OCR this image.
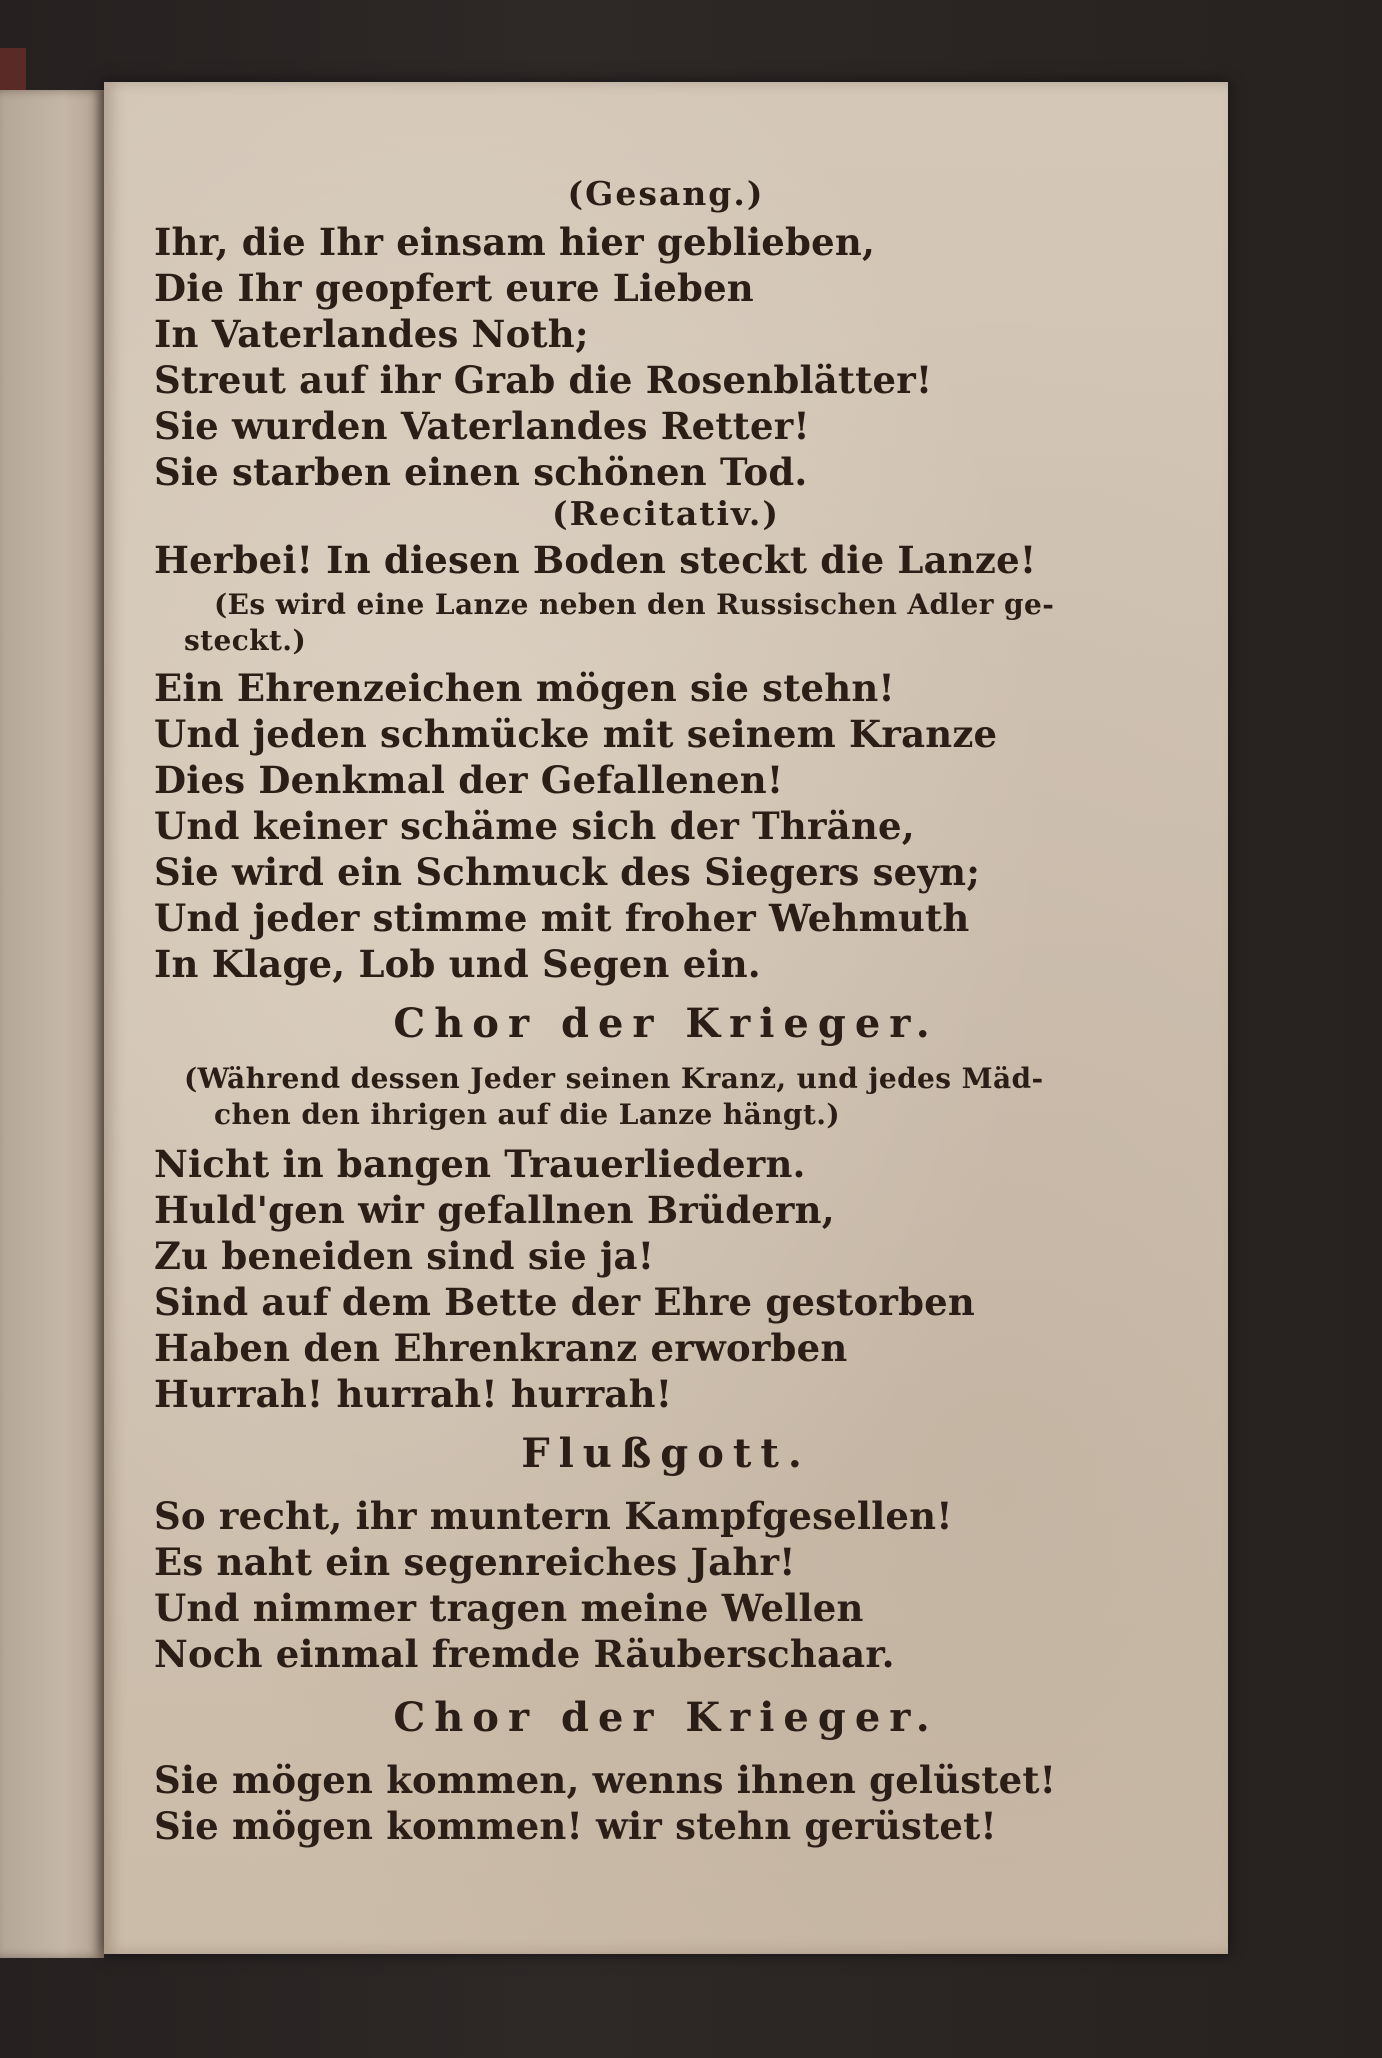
(Gesang.)

Ihr, die Ihr einsam hier geblieben,

Die Ihr geopfert eure Lieben

In Vaterlandes Noth;

Streut auf ihr Grab die Rosenblätter!

Sie wurden Vaterlandes Retter!

Sie starben einen schönen Tod.

(Recitativ.)

Herbei! In diesen Boden steckt die Lanze!

(Es wird eine Lanze neben den Russischen Adler ge-

steckt.)

Ein Ehrenzeichen mögen sie stehn!

Und jeden schmücke mit seinem Kranze

Dies Denkmal der Gefallenen!

Und keiner schäme sich der Thräne,

Sie wird ein Schmuck des Siegers seyn;

Und jeder stimme mit froher Wehmuth

In Klage, Lob und Segen ein.

Chor der Krieger.

(Während dessen Jeder seinen Kranz, und jedes Mäd-

chen den ihrigen auf die Lanze hängt.)

Nicht in bangen Trauerliedern.

Huld'gen wir gefallnen Brüdern,

Zu beneiden sind sie ja!

Sind auf dem Bette der Ehre gestorben

Haben den Ehrenkranz erworben

Hurrah! hurrah! hurrah!

Flußgott.

So recht, ihr muntern Kampfgesellen!

Es naht ein segenreiches Jahr!

Und nimmer tragen meine Wellen

Noch einmal fremde Räuberschaar.

Chor der Krieger.

Sie mögen kommen, wenns ihnen gelüstet!

Sie mögen kommen! wir stehn gerüstet!
